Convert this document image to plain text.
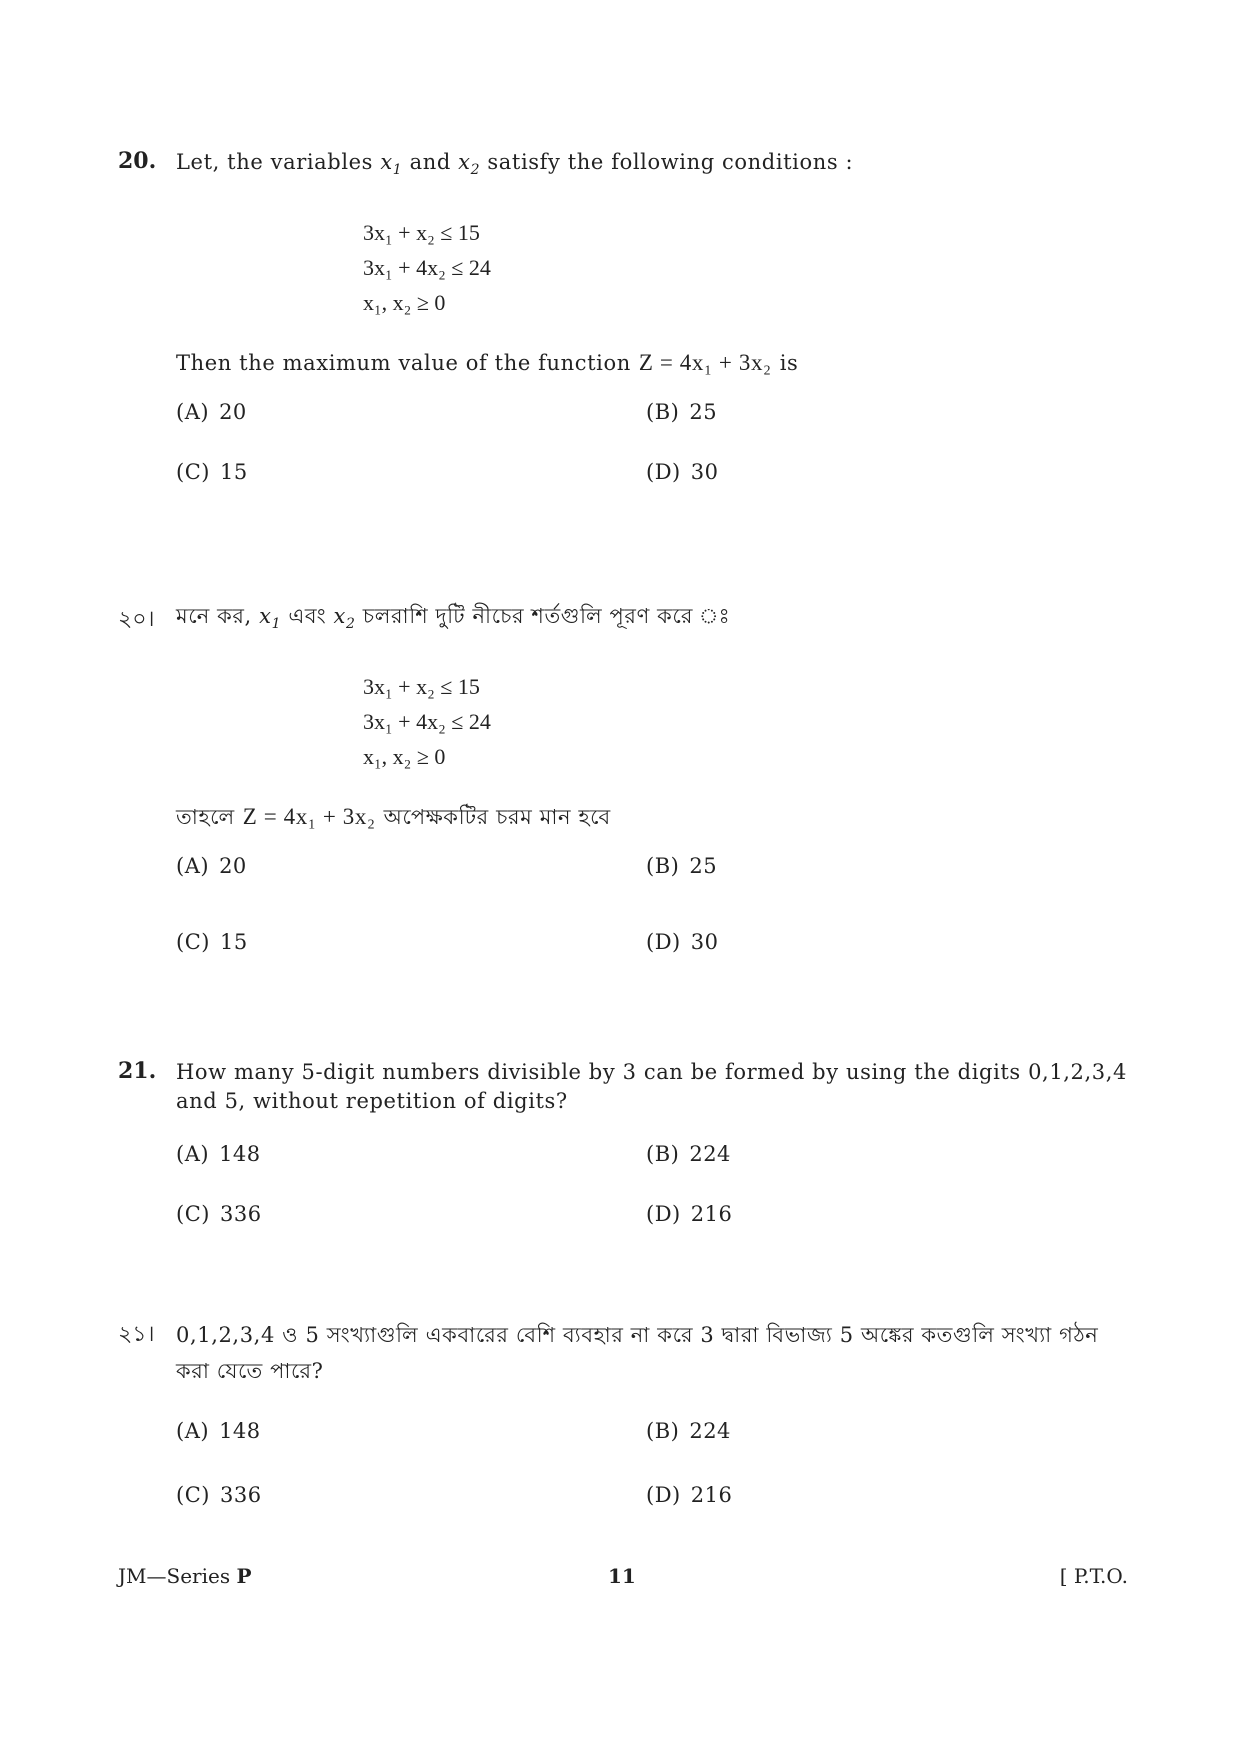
20. Let, the variables $x_1$ and $x_2$ satisfy the following conditions :
3x₁ + x₂ ≤ 15
3x₁ + 4x₂ ≤ 24
x₁, x₂ ≥ 0
Then the maximum value of the function Z = 4x₁ + 3x₂ is
(A) 20	(B) 25
(C) 15	(D) 30
২০। মনে কর, $x_1$ এবং $x_2$ চলরাশি দুটি নীচের শর্তগুলি পূরণ করে ঃ
3x₁ + x₂ ≤ 15
3x₁ + 4x₂ ≤ 24
x₁, x₂ ≥ 0
তাহলে Z = 4x₁ + 3x₂ অপেক্ষকটির চরম মান হবে
(A) 20	(B) 25
(C) 15	(D) 30
21. How many 5-digit numbers divisible by 3 can be formed by using the digits 0,1,2,3,4
and 5, without repetition of digits?
(A) 148	(B) 224
(C) 336	(D) 216
২১। 0,1,2,3,4 ও 5 সংখ্যাগুলি একবারের বেশি ব্যবহার না করে 3 দ্বারা বিভাজ্য 5 অঙ্কের কতগুলি সংখ্যা গঠন
করা যেতে পারে?
(A) 148	(B) 224
(C) 336	(D) 216
JM—Series P	11	[ P.T.O.
